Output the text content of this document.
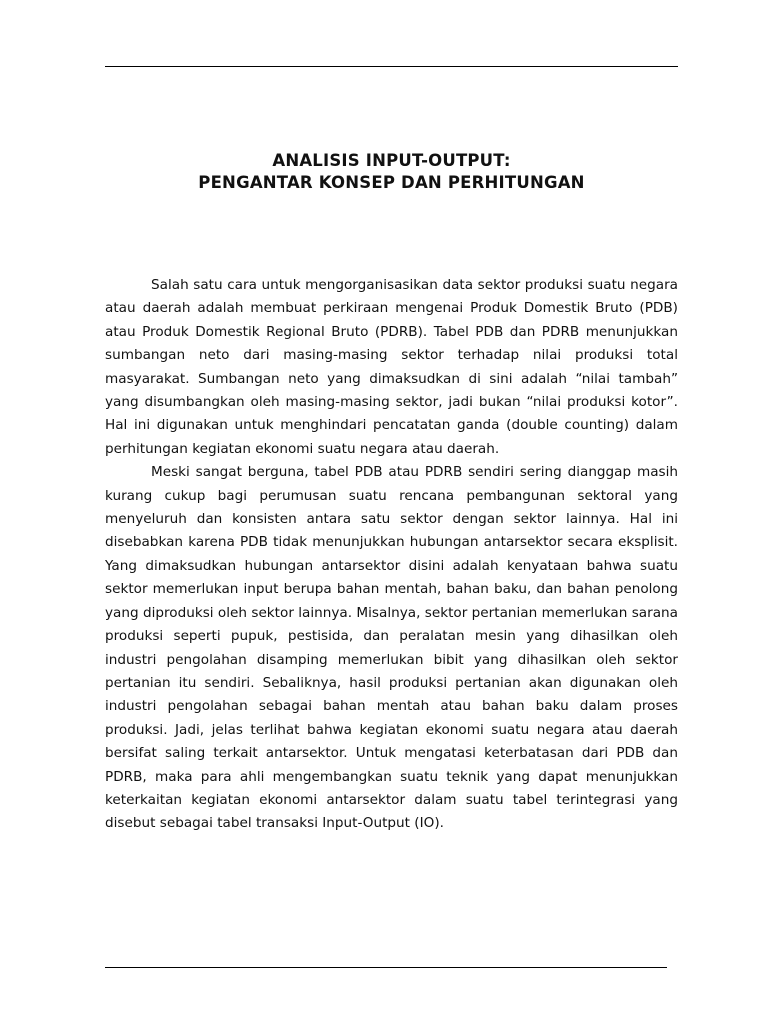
ANALISIS INPUT-OUTPUT:
PENGANTAR KONSEP DAN PERHITUNGAN

Salah satu cara untuk mengorganisasikan data sektor produksi suatu negara atau daerah adalah membuat perkiraan mengenai Produk Domestik Bruto (PDB) atau Produk Domestik Regional Bruto (PDRB). Tabel PDB dan PDRB menunjukkan sumbangan neto dari masing-masing sektor terhadap nilai produksi total masyarakat. Sumbangan neto yang dimaksudkan di sini adalah “nilai tambah” yang disumbangkan oleh masing-masing sektor, jadi bukan “nilai produksi kotor”. Hal ini digunakan untuk menghindari pencatatan ganda (double counting) dalam perhitungan kegiatan ekonomi suatu negara atau daerah.

Meski sangat berguna, tabel PDB atau PDRB sendiri sering dianggap masih kurang cukup bagi perumusan suatu rencana pembangunan sektoral yang menyeluruh dan konsisten antara satu sektor dengan sektor lainnya. Hal ini disebabkan karena PDB tidak menunjukkan hubungan antarsektor secara eksplisit. Yang dimaksudkan hubungan antarsektor disini adalah kenyataan bahwa suatu sektor memerlukan input berupa bahan mentah, bahan baku, dan bahan penolong yang diproduksi oleh sektor lainnya. Misalnya, sektor pertanian memerlukan sarana produksi seperti pupuk, pestisida, dan peralatan mesin yang dihasilkan oleh industri pengolahan disamping memerlukan bibit yang dihasilkan oleh sektor pertanian itu sendiri. Sebaliknya, hasil produksi pertanian akan digunakan oleh industri pengolahan sebagai bahan mentah atau bahan baku dalam proses produksi. Jadi, jelas terlihat bahwa kegiatan ekonomi suatu negara atau daerah bersifat saling terkait antarsektor. Untuk mengatasi keterbatasan dari PDB dan PDRB, maka para ahli mengembangkan suatu teknik yang dapat menunjukkan keterkaitan kegiatan ekonomi antarsektor dalam suatu tabel terintegrasi yang disebut sebagai tabel transaksi Input-Output (IO).
